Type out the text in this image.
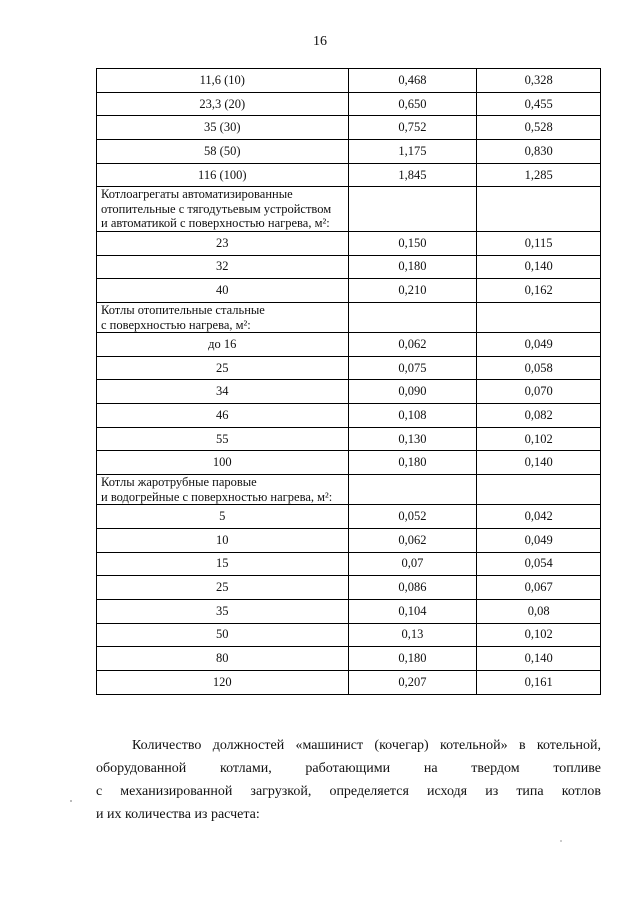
16
11,6 (10)	0,468	0,328
23,3 (20)	0,650	0,455
35 (30)	0,752	0,528
58 (50)	1,175	0,830
116 (100)	1,845	1,285

Котлоагрегаты автоматизированные
отопительные с тягодутьевым устройством
и автоматикой с поверхностью нагрева, м²:		

23	0,150	0,115
32	0,180	0,140
40	0,210	0,162

Котлы отопительные стальные
с поверхностью нагрева, м²:		

до 16	0,062	0,049
25	0,075	0,058
34	0,090	0,070
46	0,108	0,082
55	0,130	0,102
100	0,180	0,140

Котлы жаротрубные паровые
и водогрейные с поверхностью нагрева, м²:		

5	0,052	0,042
10	0,062	0,049
15	0,07	0,054
25	0,086	0,067
35	0,104	0,08
50	0,13	0,102
80	0,180	0,140
120	0,207	0,161
Количество должностей «машинист (кочегар) котельной» в котельной,
оборудованной котлами, работающими на твердом топливе
с механизированной загрузкой, определяется исходя из типа котлов
и их количества из расчета:
